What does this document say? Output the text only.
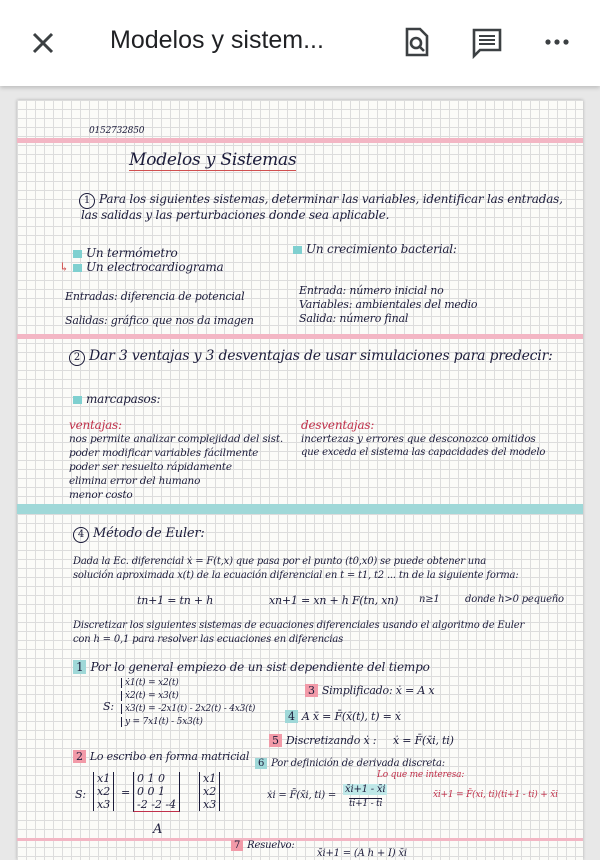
Modelos y sistem...
0152732850
Modelos y Sistemas
1 Para los siguientes sistemas, determinar las variables, identificar las entradas,
las salidas y las perturbaciones donde sea aplicable.
Un termómetro
Un electrocardiograma
↳
Un crecimiento bacterial:
Entradas: diferencia de potencial
Salidas: gráfico que nos da imagen
Entrada: número inicial no
Variables: ambientales del medio
Salida: número final
2 Dar 3 ventajas y 3 desventajas de usar simulaciones para predecir:
marcapasos:
ventajas:
nos permite analizar complejidad del sist.
poder modificar variables fácilmente
poder ser resuelto rápidamente
elimina error del humano
menor costo
desventajas:
incertezas y errores que desconozco omitidos
que exceda el sistema las capacidades del modelo
4 Método de Euler:
Dada la Ec. diferencial ẋ = F(t,x) que pasa por el punto (t0,x0) se puede obtener una
solución aproximada x(t) de la ecuación diferencial en t = t1, t2 ... tn de la siguiente forma:
tn+1 = tn + h	xn+1 = xn + h F(tn, xn) n≥1	donde h>0 pequeño
Discretizar los siguientes sistemas de ecuaciones diferenciales usando el algoritmo de Euler
con h = 0,1 para resolver las ecuaciones en diferencias
1 Por lo general empiezo de un sist dependiente del tiempo
S:
ẋ1(t) = x2(t)
ẋ2(t) = x3(t)
ẋ3(t) = -2x1(t) - 2x2(t) - 4x3(t)
y = 7x1(t) - 5x3(t)
3 Simplificado: ẋ = A x
4 A x̄ = F̄(x̄(t), t) = ẋ
2 Lo escribo en forma matricial
5 Discretizando ẋ : ẋ = F̄(x̄i, ti)
6 Por definición de derivada discreta:
S:
x1
x2
x3
=
0 1 0
0 0 1
-2 -2 -4
x1
x2
x3
A
ẋi = F̄(x̄i, ti) =
x̄i+1 - x̄i
ti+1 - ti
Lo que me interesa:
x̄i+1 = F̄(xi, ti)(ti+1 - ti) + x̄i
7 Resuelvo:
x̄i+1 = (A h + I) x̄i
